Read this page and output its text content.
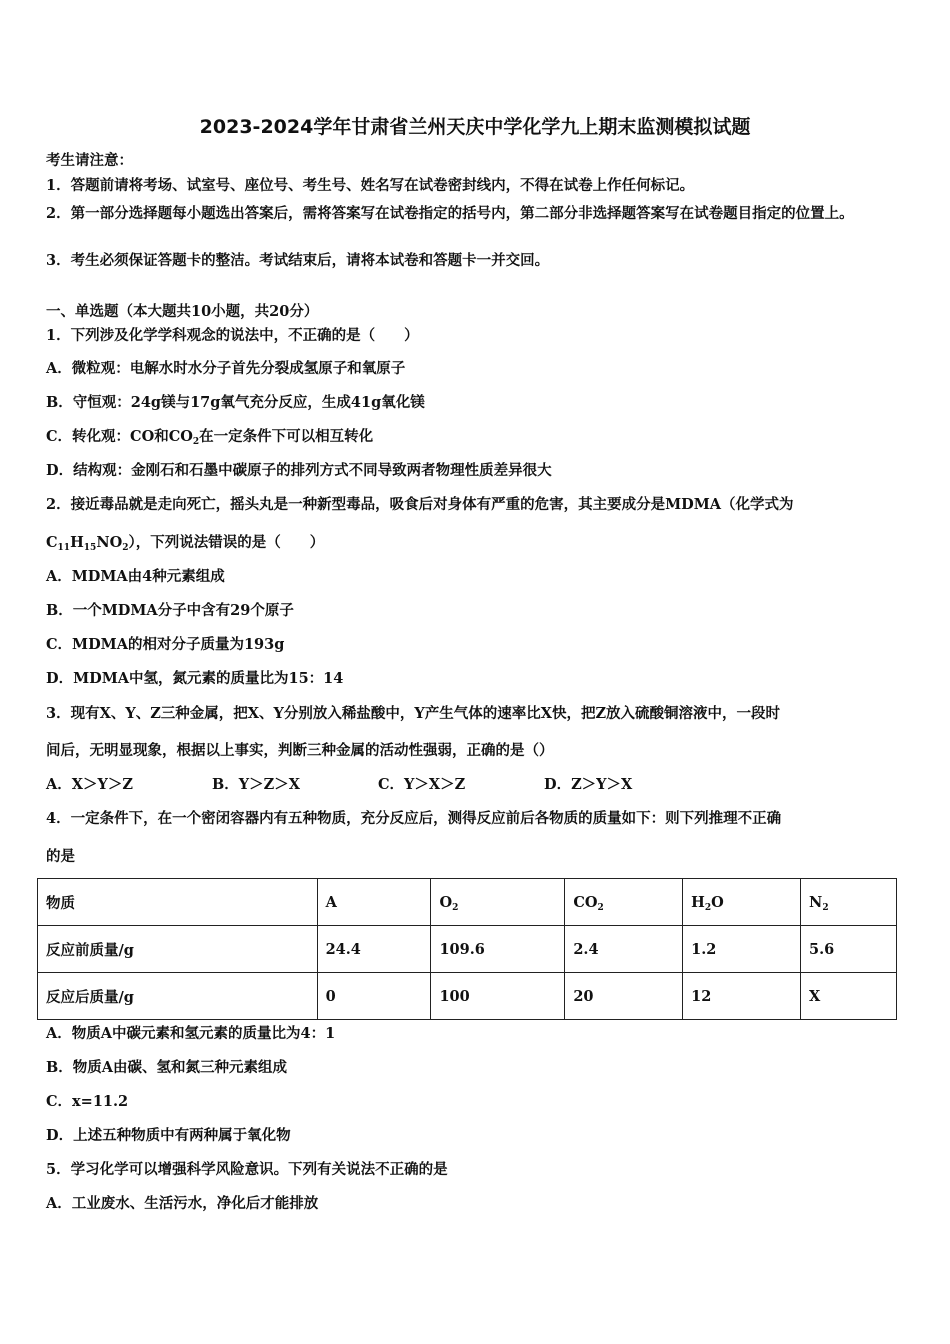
2023-2024学年甘肃省兰州天庆中学化学九上期末监测模拟试题
考生请注意：
1．答题前请将考场、试室号、座位号、考生号、姓名写在试卷密封线内，不得在试卷上作任何标记。
2．第一部分选择题每小题选出答案后，需将答案写在试卷指定的括号内，第二部分非选择题答案写在试卷题目指定的位置上。
3．考生必须保证答题卡的整洁。考试结束后，请将本试卷和答题卡一并交回。
一、单选题（本大题共10小题，共20分）
1．下列涉及化学学科观念的说法中，不正确的是（　　）
A．微粒观：电解水时水分子首先分裂成氢原子和氧原子
B．守恒观：24g镁与17g氧气充分反应，生成41g氧化镁
C．转化观：CO和$CO_2$在一定条件下可以相互转化
D．结构观：金刚石和石墨中碳原子的排列方式不同导致两者物理性质差异很大
2．接近毒品就是走向死亡，摇头丸是一种新型毒品，吸食后对身体有严重的危害，其主要成分是MDMA（化学式为
$C_{11}H_{15}NO_2$），下列说法错误的是（　　）
A．MDMA由4种元素组成
B．一个MDMA分子中含有29个原子
C．MDMA的相对分子质量为193g
D．MDMA中氢，氮元素的质量比为15：14
3．现有X、Y、Z三种金属，把X、Y分别放入稀盐酸中，Y产生气体的速率比X快，把Z放入硫酸铜溶液中，一段时
间后，无明显现象，根据以上事实，判断三种金属的活动性强弱，正确的是（）
A．X＞Y＞Z	B．Y＞Z＞X	C．Y＞X＞Z	D．Z＞Y＞X
4．一定条件下，在一个密闭容器内有五种物质，充分反应后，测得反应前后各物质的质量如下：则下列推理不正确
的是
物质	A	$O_2$	$CO_2$	$H_2O$	$N_2$
反应前质量/g	24.4	109.6	2.4	1.2	5.6
反应后质量/g	0	100	20	12	X
A．物质A中碳元素和氢元素的质量比为4：1
B．物质A由碳、氢和氮三种元素组成
C．x=11.2
D．上述五种物质中有两种属于氧化物
5．学习化学可以增强科学风险意识。下列有关说法不正确的是
A．工业废水、生活污水，净化后才能排放
